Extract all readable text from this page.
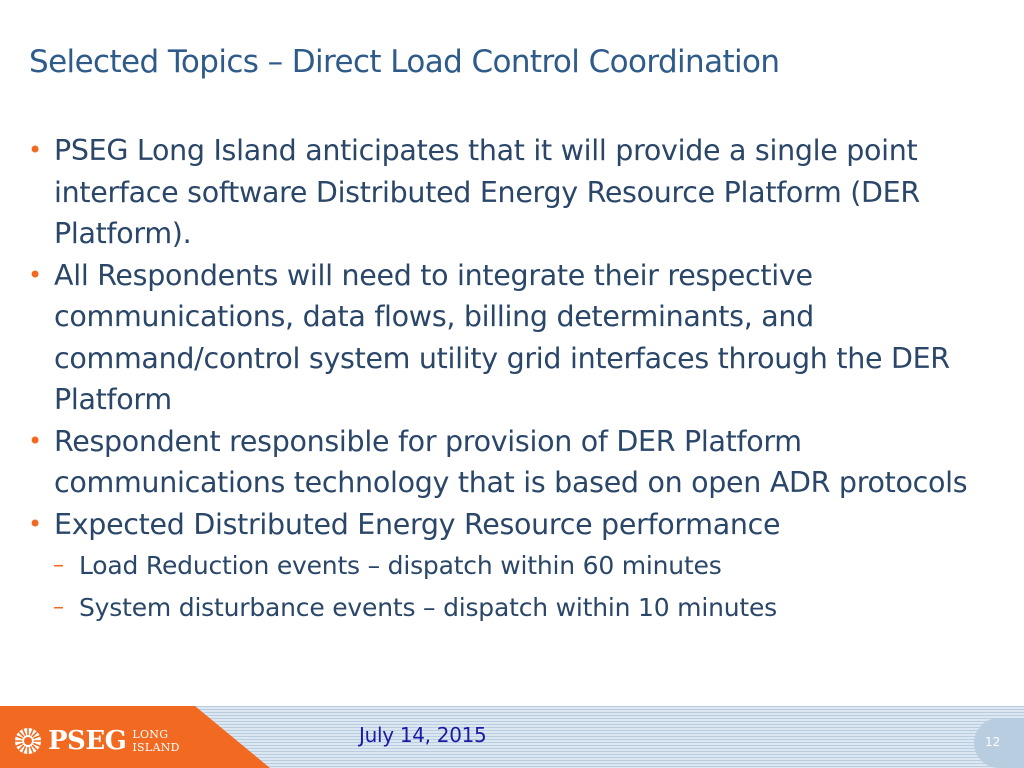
Selected Topics – Direct Load Control Coordination
• PSEG Long Island anticipates that it will provide a single point
interface software Distributed Energy Resource Platform (DER
Platform).
• All Respondents will need to integrate their respective
communications, data flows, billing determinants, and
command/control system utility grid interfaces through the DER
Platform
• Respondent responsible for provision of DER Platform
communications technology that is based on open ADR protocols
• Expected Distributed Energy Resource performance
– Load Reduction events – dispatch within 60 minutes
– System disturbance events – dispatch within 10 minutes
PSEG LONG
ISLAND
July 14, 2015	12
